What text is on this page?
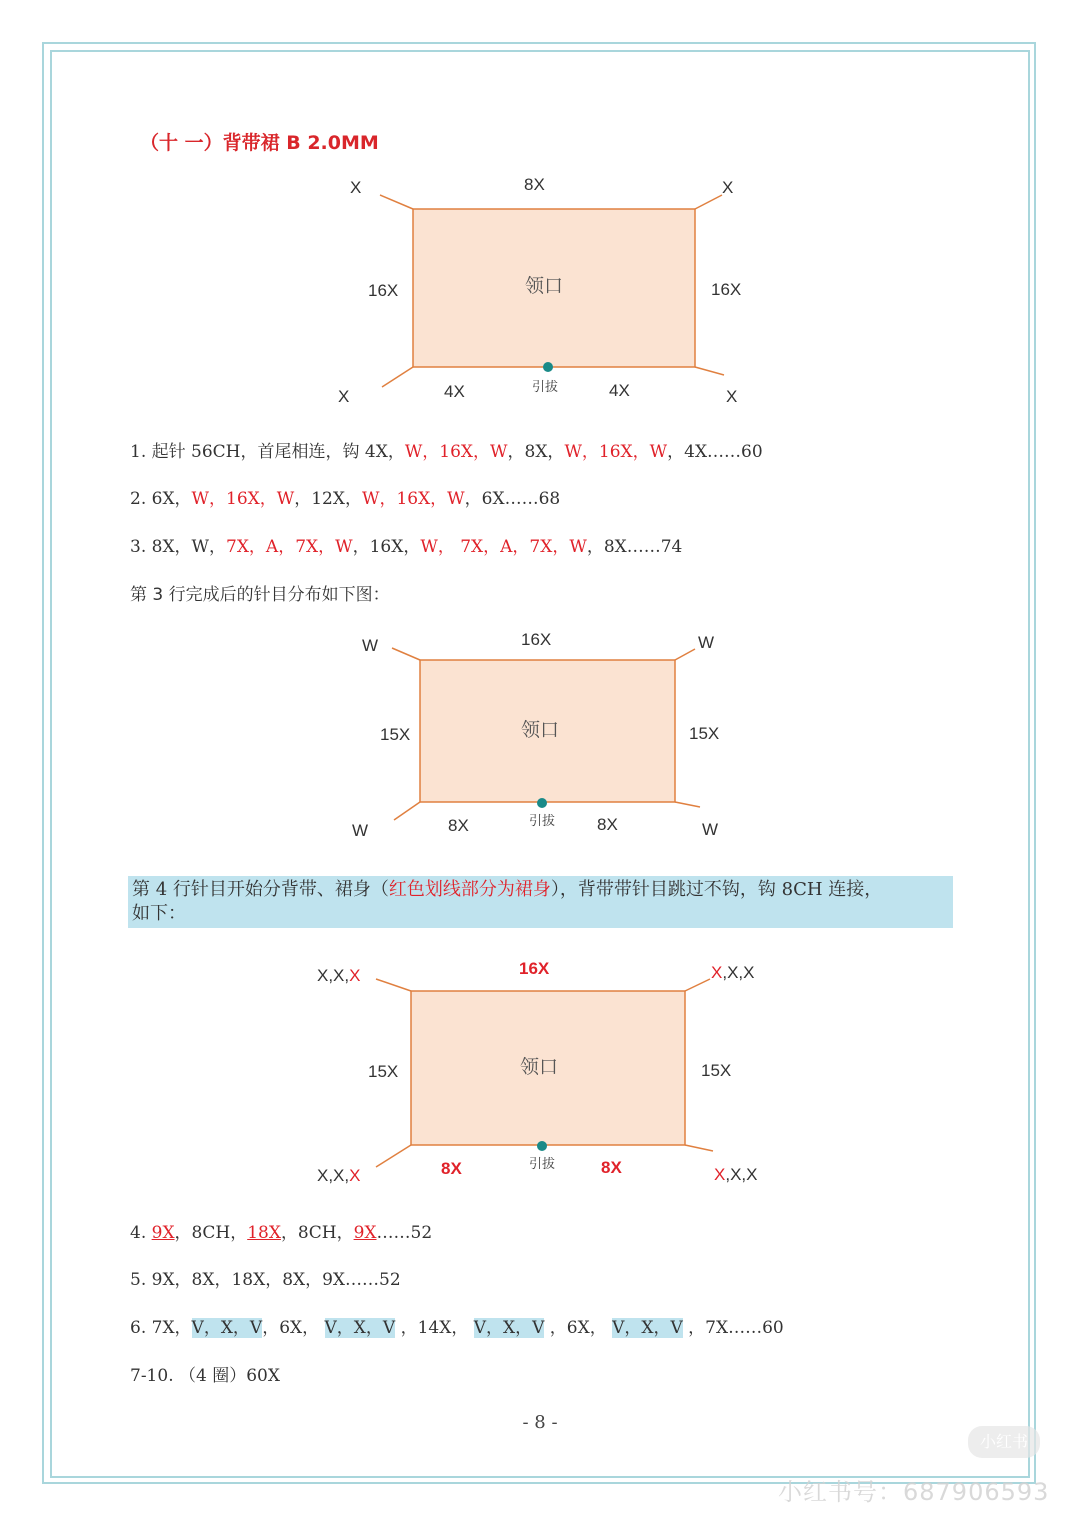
（十 一）背带裙 B 2.0MM
8X
X	X
16X	16X
领口
X	4X	引拔	4X	X
1. 起针 56CH，首尾相连，钩 4X，W，16X，W，8X，W，16X，W，4X……60
2. 6X，W，16X，W，12X，W，16X，W，6X……68
3. 8X，W，7X，A，7X，W，16X，W， 7X，A，7X，W，8X……74
第 3 行完成后的针目分布如下图：
16X
W	W
15X	15X
领口
W	8X	引拔 8X	W
第 4 行针目开始分背带、裙身（红色划线部分为裙身），背带带针目跳过不钩，钩 8CH 连接，
如下：
16X
X,X,X	X,X,X
15X	15X
领口
X,X,X	8X	引拔	8X	X,X,X
4. 9X，8CH，18X，8CH，9X……52
5. 9X，8X，18X，8X，9X……52
6. 7X，V，X，V，6X， V，X，V ，14X， V，X，V ，6X， V，X，V ，7X……60
7-10. （4 圈）60X
- 8 -
小红书
小红书号：687906593
